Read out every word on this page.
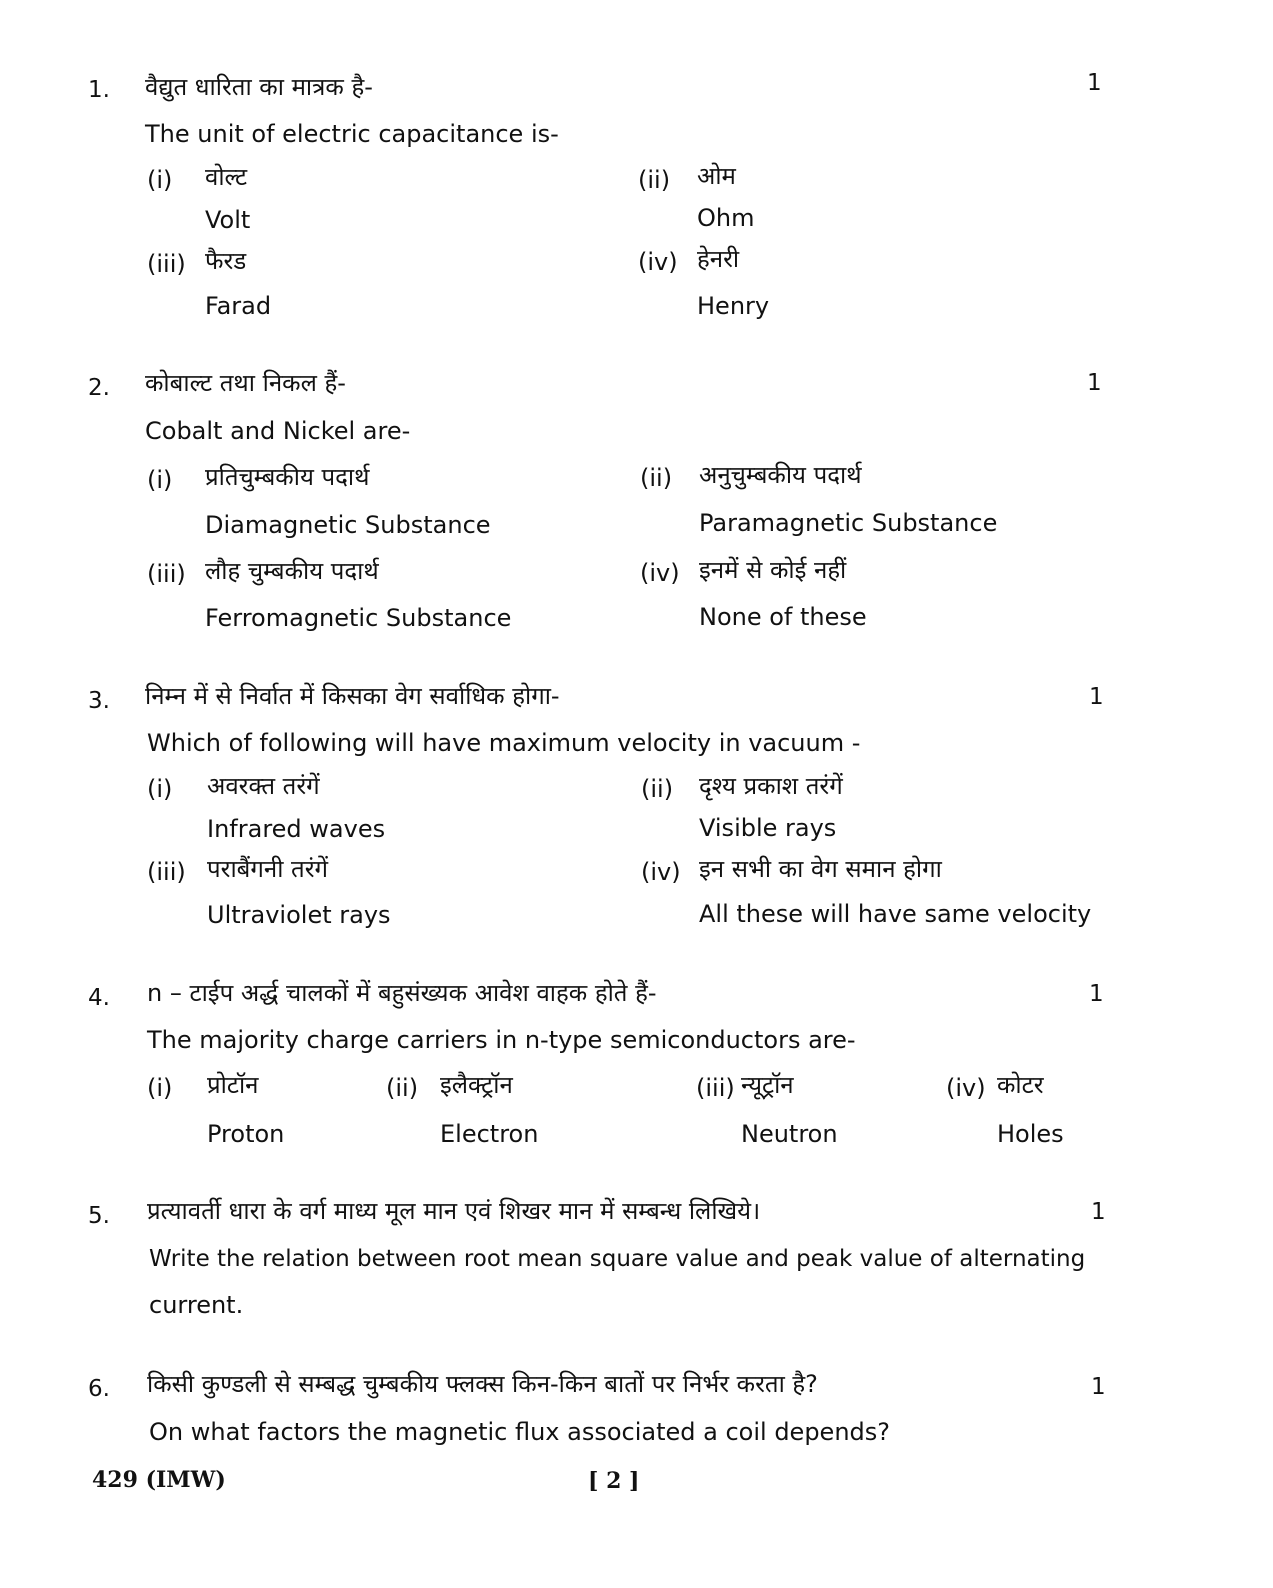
1. वैद्युत धारिता का मात्रक है-	1
The unit of electric capacitance is-
(i) वोल्ट
Volt
(ii) ओम
Ohm
(iii) फैरड
Farad
(iv) हेनरी
Henry
2. कोबाल्ट तथा निकल हैं-	1
Cobalt and Nickel are-
(i) प्रतिचुम्बकीय पदार्थ
Diamagnetic Substance
(ii) अनुचुम्बकीय पदार्थ
Paramagnetic Substance
(iii) लौह चुम्बकीय पदार्थ
Ferromagnetic Substance
(iv) इनमें से कोई नहीं
None of these
3. निम्न में से निर्वात में किसका वेग सर्वाधिक होगा-	1
Which of following will have maximum velocity in vacuum -
(i) अवरक्त तरंगें
Infrared waves
(ii) दृश्य प्रकाश तरंगें
Visible rays
(iii) पराबैंगनी तरंगें
Ultraviolet rays
(iv) इन सभी का वेग समान होगा
All these will have same velocity
4. n – टाईप अर्द्ध चालकों में बहुसंख्यक आवेश वाहक होते हैं-	1
The majority charge carriers in n-type semiconductors are-
(i) प्रोटॉन
Proton
(ii) इलैक्ट्रॉन
Electron
(iii) न्यूट्रॉन
Neutron
(iv) कोटर
Holes
5. प्रत्यावर्ती धारा के वर्ग माध्य मूल मान एवं शिखर मान में सम्बन्ध लिखिये।	1
Write the relation between root mean square value and peak value of alternating
current.
6. किसी कुण्डली से सम्बद्ध चुम्बकीय फ्लक्स किन-किन बातों पर निर्भर करता है?	1
On what factors the magnetic flux associated a coil depends?
429 (IMW)	[ 2 ]
